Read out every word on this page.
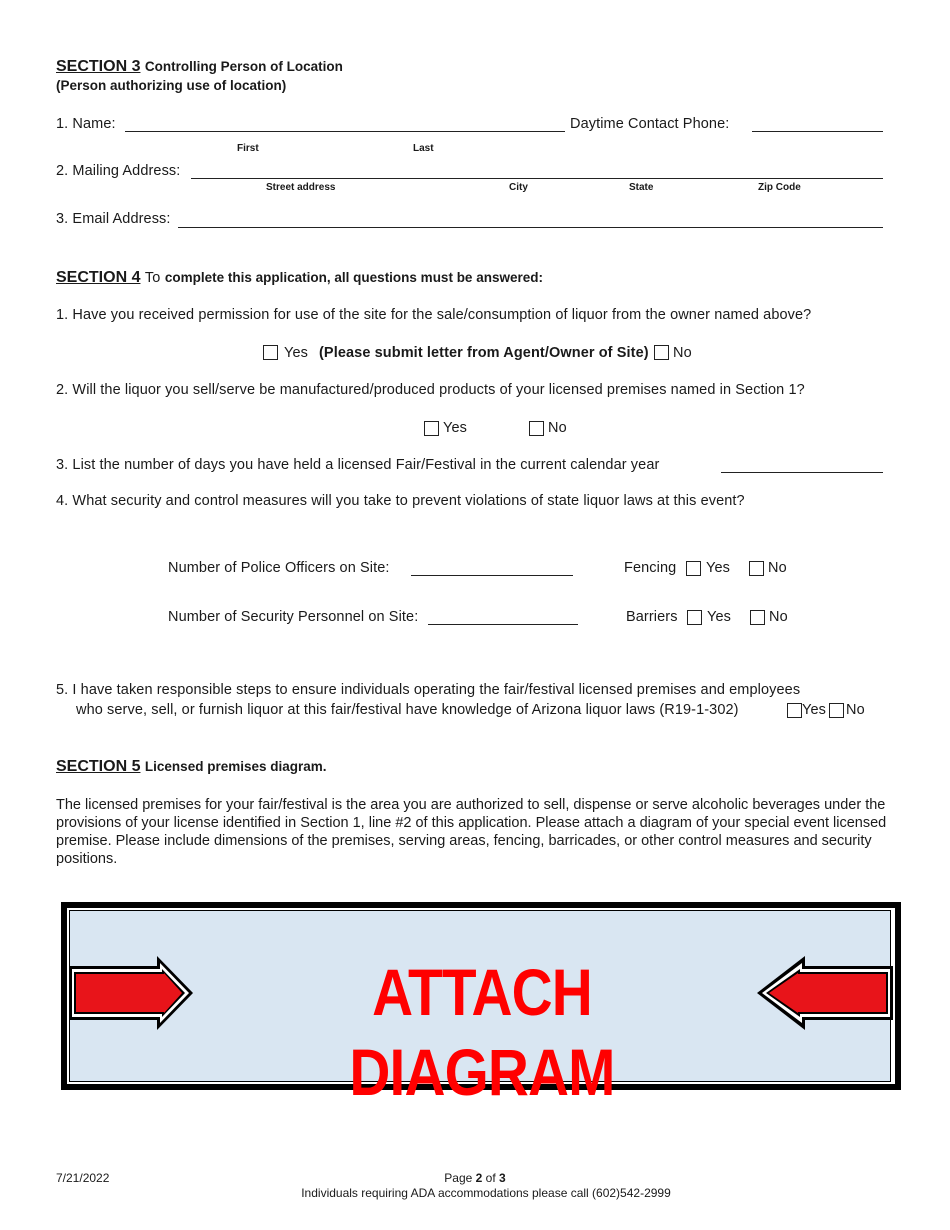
SECTION 3 Controlling Person of Location
(Person authorizing use of location)
1. Name:	Daytime Contact Phone:
First	Last
2. Mailing Address:
Street address	City	State	Zip Code
3. Email Address:
SECTION 4 To complete this application, all questions must be answered:
1. Have you received permission for use of the site for the sale/consumption of liquor from the owner named above?
Yes (Please submit letter from Agent/Owner of Site) No
2. Will the liquor you sell/serve be manufactured/produced products of your licensed premises named in Section 1?
Yes	No
3. List the number of days you have held a licensed Fair/Festival in the current calendar year
4. What security and control measures will you take to prevent violations of state liquor laws at this event?
Number of Police Officers on Site:	Fencing Yes	No
Number of Security Personnel on Site:	Barriers Yes	No
5. I have taken responsible steps to ensure individuals operating the fair/festival licensed premises and employees
who serve, sell, or furnish liquor at this fair/festival have knowledge of Arizona liquor laws (R19-1-302)	Yes No
SECTION 5 Licensed premises diagram.
The licensed premises for your fair/festival is the area you are authorized to sell, dispense or serve alcoholic beverages under the provisions of your license identified in Section 1, line #2 of this application. Please attach a diagram of your special event licensed premise. Please include dimensions of the premises, serving areas, fencing, barricades, or other control measures and security positions.
ATTACH DIAGRAM
7/21/2022	Page 2 of 3
Individuals requiring ADA accommodations please call (602)542-2999
